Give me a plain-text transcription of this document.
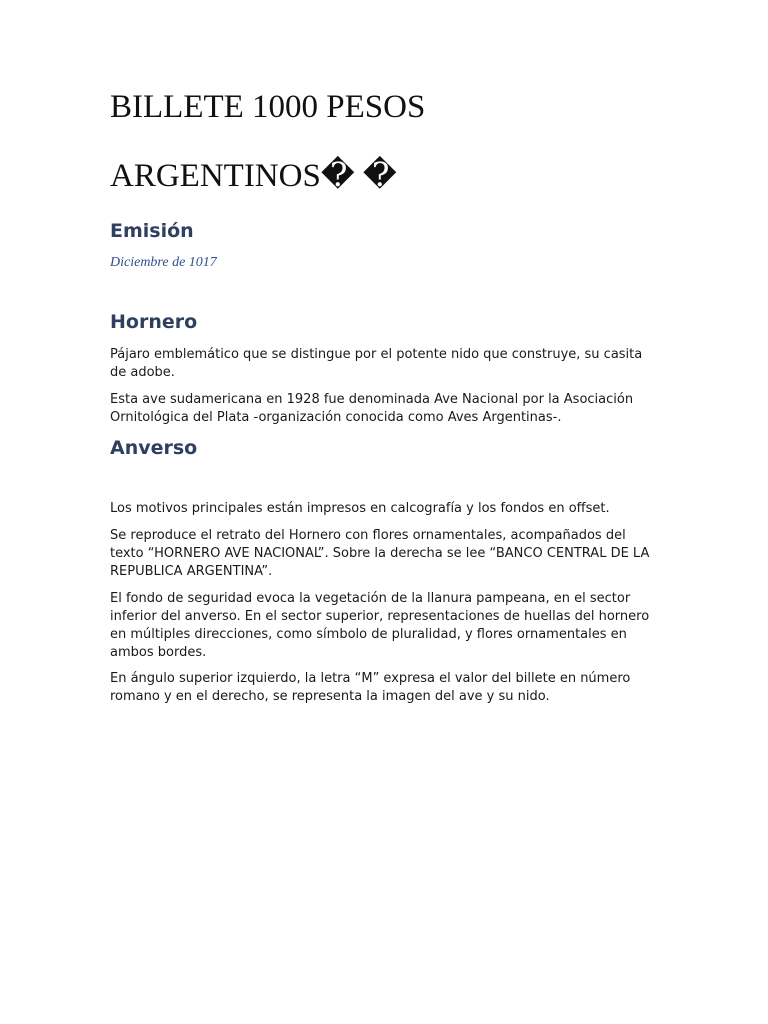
BILLETE 1000 PESOS
ARGENTINOS� �
Emisión
Diciembre de 1017
Hornero

Pájaro emblemático que se distingue por el potente nido que construye, su casita de adobe.

Esta ave sudamericana en 1928 fue denominada Ave Nacional por la Asociación Ornitológica del Plata -organización conocida como Aves Argentinas-.

Anverso

Los motivos principales están impresos en calcografía y los fondos en offset.

Se reproduce el retrato del Hornero con flores ornamentales, acompañados del texto “HORNERO AVE NACIONAL”. Sobre la derecha se lee “BANCO CENTRAL DE LA REPUBLICA ARGENTINA”.

El fondo de seguridad evoca la vegetación de la llanura pampeana, en el sector inferior del anverso. En el sector superior, representaciones de huellas del hornero en múltiples direcciones, como símbolo de pluralidad, y flores ornamentales en ambos bordes.

En ángulo superior izquierdo, la letra “M” expresa el valor del billete en número romano y en el derecho, se representa la imagen del ave y su nido.
